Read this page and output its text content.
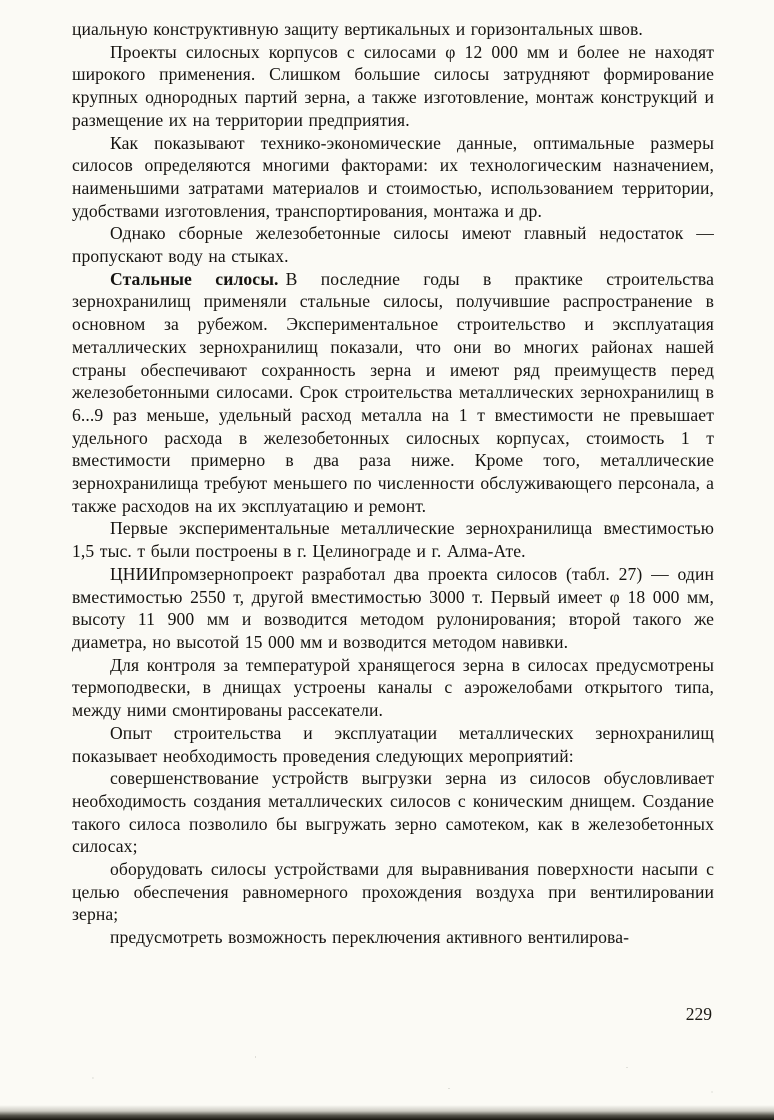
циальную конструктивную защиту вертикальных и горизонтальных швов.

Проекты силосных корпусов с силосами φ 12 000 мм и более не находят широкого применения. Слишком большие силосы затрудняют формирование крупных однородных партий зерна, а также изготовление, монтаж конструкций и размещение их на территории предприятия.

Как показывают технико-экономические данные, оптимальные размеры силосов определяются многими факторами: их технологическим назначением, наименьшими затратами материалов и стоимостью, использованием территории, удобствами изготовления, транспортирования, монтажа и др.

Однако сборные железобетонные силосы имеют главный недостаток — пропускают воду на стыках.

Стальные силосы. В последние годы в практике строительства зернохранилищ применяли стальные силосы, получившие распространение в основном за рубежом. Экспериментальное строительство и эксплуатация металлических зернохранилищ показали, что они во многих районах нашей страны обеспечивают сохранность зерна и имеют ряд преимуществ перед железобетонными силосами. Срок строительства металлических зернохранилищ в 6...9 раз меньше, удельный расход металла на 1 т вместимости не превышает удельного расхода в железобетонных силосных корпусах, стоимость 1 т вместимости примерно в два раза ниже. Кроме того, металлические зернохранилища требуют меньшего по численности обслуживающего персонала, а также расходов на их эксплуатацию и ремонт.

Первые экспериментальные металлические зернохранилища вместимостью 1,5 тыс. т были построены в г. Целинограде и г. Алма-Ате.

ЦНИИпромзернопроект разработал два проекта силосов (табл. 27) — один вместимостью 2550 т, другой вместимостью 3000 т. Первый имеет φ 18 000 мм, высоту 11 900 мм и возводится методом рулонирования; второй такого же диаметра, но высотой 15 000 мм и возводится методом навивки.

Для контроля за температурой хранящегося зерна в силосах предусмотрены термоподвески, в днищах устроены каналы с аэрожелобами открытого типа, между ними смонтированы рассекатели.

Опыт строительства и эксплуатации металлических зернохранилищ показывает необходимость проведения следующих мероприятий:

совершенствование устройств выгрузки зерна из силосов обусловливает необходимость создания металлических силосов с коническим днищем. Создание такого силоса позволило бы выгружать зерно самотеком, как в железобетонных силосах;

оборудовать силосы устройствами для выравнивания поверхности насыпи с целью обеспечения равномерного прохождения воздуха при вентилировании зерна;

предусмотреть возможность переключения активного вентилирова-

229
